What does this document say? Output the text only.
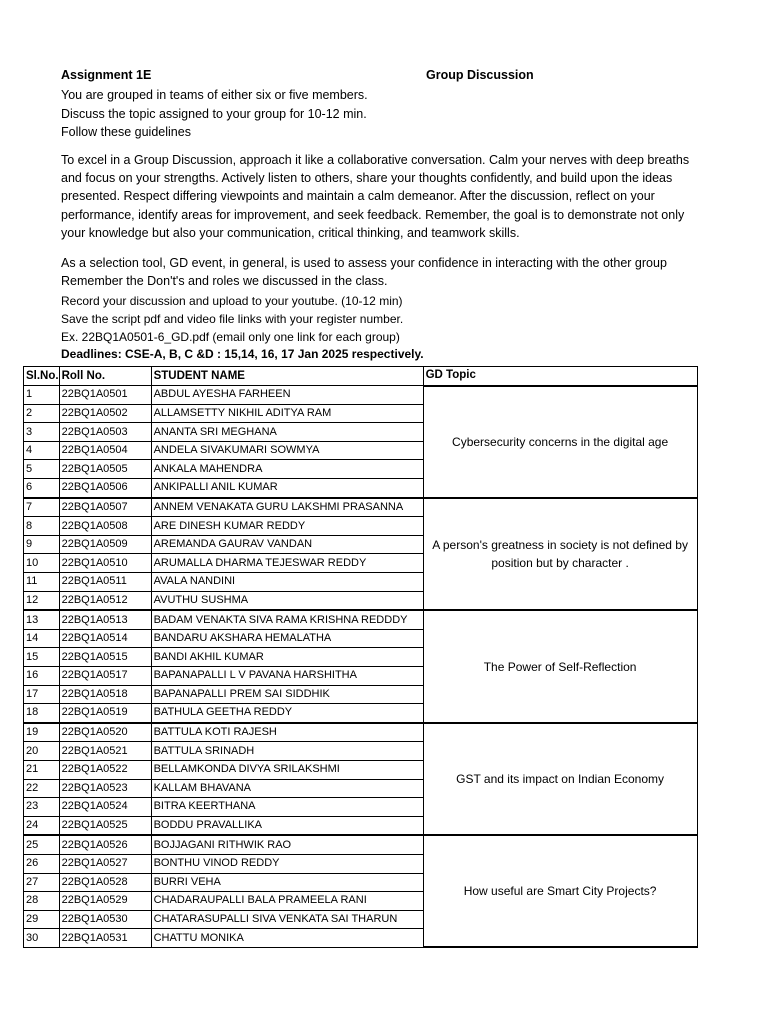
Assignment 1E	Group Discussion
You are grouped in teams of either six or five members.
Discuss the topic assigned to your group for 10-12 min.
Follow these guidelines
To excel in a Group Discussion, approach it like a collaborative conversation. Calm your nerves with deep breaths and focus on your strengths. Actively listen to others, share your thoughts confidently, and build upon the ideas presented. Respect differing viewpoints and maintain a calm demeanor. After the discussion, reflect on your performance, identify areas for improvement, and seek feedback. Remember, the goal is to demonstrate not only your knowledge but also your communication, critical thinking, and teamwork skills.
As a selection tool, GD event, in general, is used to assess your confidence in interacting with the other group
Remember the Don't's and roles we discussed in the class.
Record your discussion and upload to your youtube. (10-12 min)
Save the script pdf and video file links with your register number.
Ex. 22BQ1A0501-6_GD.pdf (email only one link for each group)
Deadlines: CSE-A, B, C &D : 15,14, 16, 17 Jan 2025 respectively.
Sl.No.	Roll No.	STUDENT NAME	GD Topic
1	22BQ1A0501	ABDUL AYESHA FARHEEN	Cybersecurity concerns in the digital age
2	22BQ1A0502	ALLAMSETTY NIKHIL ADITYA RAM	
3	22BQ1A0503	ANANTA SRI MEGHANA	
4	22BQ1A0504	ANDELA SIVAKUMARI SOWMYA	
5	22BQ1A0505	ANKALA MAHENDRA	
6	22BQ1A0506	ANKIPALLI ANIL KUMAR	
7	22BQ1A0507	ANNEM VENAKATA GURU LAKSHMI PRASANNA	A person's greatness in society is not defined by position but by character .
8	22BQ1A0508	ARE DINESH KUMAR REDDY	
9	22BQ1A0509	AREMANDA GAURAV VANDAN	
10	22BQ1A0510	ARUMALLA DHARMA TEJESWAR REDDY	
11	22BQ1A0511	AVALA NANDINI	
12	22BQ1A0512	AVUTHU SUSHMA	
13	22BQ1A0513	BADAM VENAKTA SIVA RAMA KRISHNA REDDDY	The Power of Self-Reflection
14	22BQ1A0514	BANDARU AKSHARA HEMALATHA	
15	22BQ1A0515	BANDI AKHIL KUMAR	
16	22BQ1A0517	BAPANAPALLI L V PAVANA HARSHITHA	
17	22BQ1A0518	BAPANAPALLI PREM SAI SIDDHIK	
18	22BQ1A0519	BATHULA GEETHA REDDY	
19	22BQ1A0520	BATTULA KOTI RAJESH	GST and its impact on Indian Economy
20	22BQ1A0521	BATTULA SRINADH	
21	22BQ1A0522	BELLAMKONDA DIVYA SRILAKSHMI	
22	22BQ1A0523	KALLAM BHAVANA	
23	22BQ1A0524	BITRA KEERTHANA	
24	22BQ1A0525	BODDU PRAVALLIKA	
25	22BQ1A0526	BOJJAGANI RITHWIK RAO	How useful are Smart City Projects?
26	22BQ1A0527	BONTHU VINOD REDDY	
27	22BQ1A0528	BURRI VEHA	
28	22BQ1A0529	CHADARAUPALLI BALA PRAMEELA RANI	
29	22BQ1A0530	CHATARASUPALLI SIVA VENKATA SAI THARUN	
30	22BQ1A0531	CHATTU MONIKA	
